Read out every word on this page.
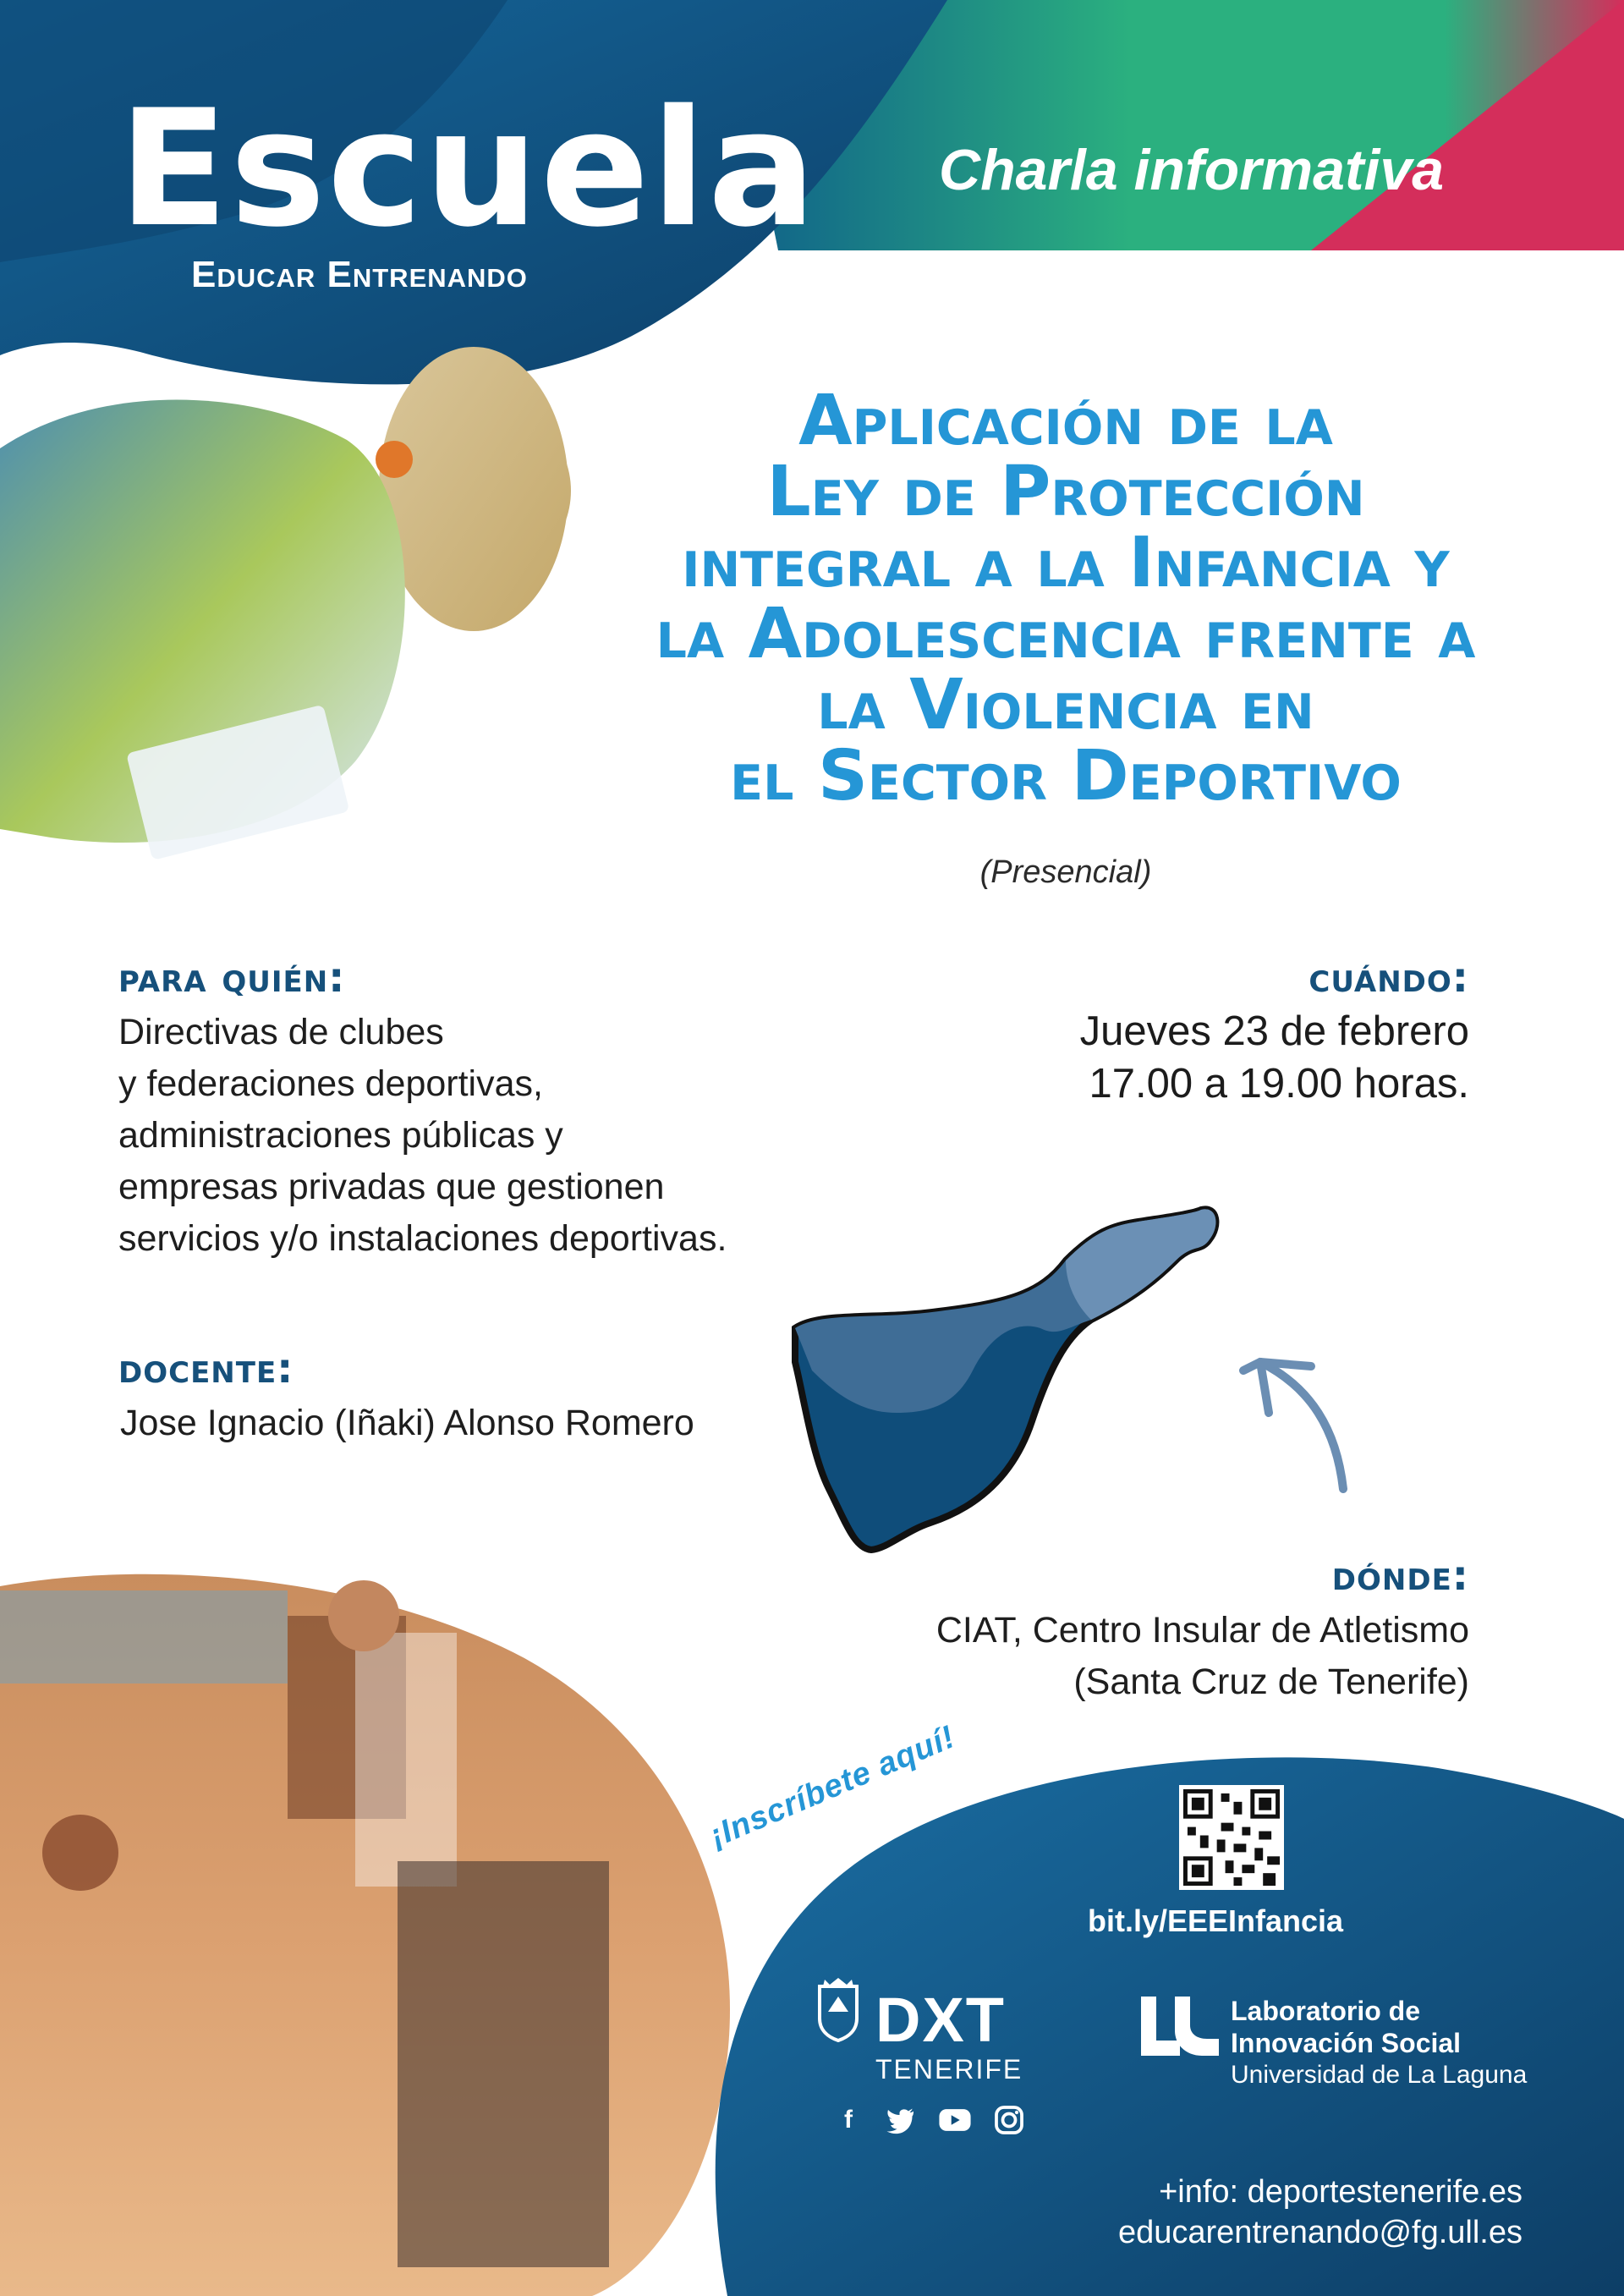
Escuela
Educar Entrenando
Charla informativa
Aplicación de la
Ley de Protección
integral a la Infancia y
la Adolescencia frente a
la Violencia en
el Sector Deportivo
(Presencial)
para quién:
Directivas de clubes
y federaciones deportivas,
administraciones públicas y
empresas privadas que gestionen
servicios y/o instalaciones deportivas.
cuándo:
Jueves 23 de febrero
17.00 a 19.00 horas.
docente:
Jose Ignacio (Iñaki) Alonso Romero
dónde:
CIAT, Centro Insular de Atletismo
(Santa Cruz de Tenerife)
¡Inscríbete aquí!
bit.ly/EEEInfancia
DXT
TENERIFE
f
Laboratorio de
Innovación Social
Universidad de La Laguna
+info: deportestenerife.es
educarentrenando@fg.ull.es
